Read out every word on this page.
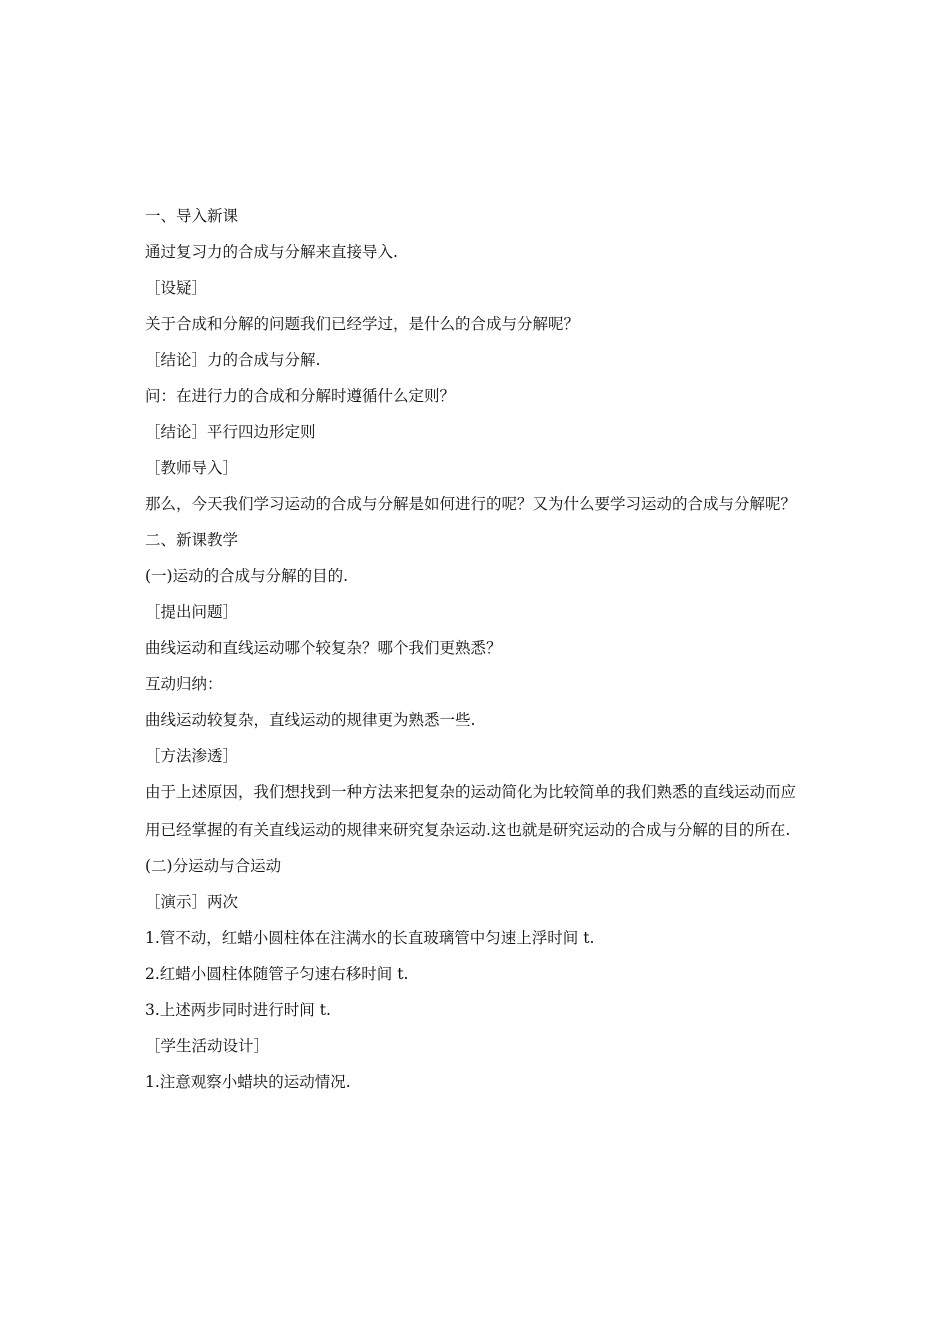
一、导入新课
通过复习力的合成与分解来直接导入.
［设疑］
关于合成和分解的问题我们已经学过，是什么的合成与分解呢？
［结论］力的合成与分解.
问：在进行力的合成和分解时遵循什么定则？
［结论］平行四边形定则
［教师导入］
那么，今天我们学习运动的合成与分解是如何进行的呢？又为什么要学习运动的合成与分解呢？
二、新课教学
(一)运动的合成与分解的目的.
［提出问题］
曲线运动和直线运动哪个较复杂？哪个我们更熟悉？
互动归纳：
曲线运动较复杂，直线运动的规律更为熟悉一些.
［方法渗透］
由于上述原因，我们想找到一种方法来把复杂的运动简化为比较简单的我们熟悉的直线运动而应用已经掌握的有关直线运动的规律来研究复杂运动.这也就是研究运动的合成与分解的目的所在.
(二)分运动与合运动
［演示］两次
1.管不动，红蜡小圆柱体在注满水的长直玻璃管中匀速上浮时间 t.
2.红蜡小圆柱体随管子匀速右移时间 t.
3.上述两步同时进行时间 t.
［学生活动设计］
1.注意观察小蜡块的运动情况.
